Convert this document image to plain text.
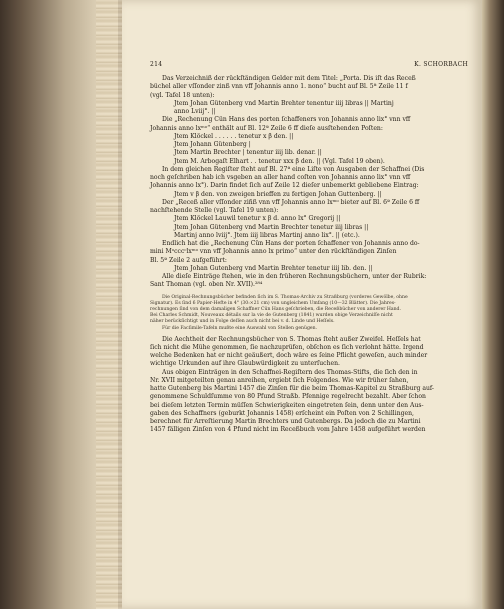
214	K. SCHORBACH

Das Verzeichniß der rückſtändigen Gelder mit dem Titel: „Porta. Dis iſt das Receß

büchel aller vſſonder zinß vnn vff Johannis anno 1. nono“ bucht auf Bl. 5ª Zeile 11 f

(vgl. Tafel 18 unten):

Jtem Johan Gütenberg vnd Martin Brehter tenentur iiij libras || Martinj

anno Lviij°. ||

Die „Rechenung Cün Hans des porten ſchaffeners von Johannis anno lix° vnn vff

Johannis anno lxᵐᵒ“ enthält auf Bl. 12ª Zeile 6 ff dieſe ausſtehenden Poſten:

Jtem Klöckel . . . . . . tenetur x β den. ||

Jtem Johann Gütenberg |

Jtem Martin Brechter | tenentur iiij lib. denar. ||

Jtem M. Arbogaſt Elhart . . tenetur xxx β den. || (Vgl. Tafel 19 oben).

In dem gleichen Regiſter ſteht auf Bl. 27ª eine Liſte von Ausgaben der Schaffnei (Dis

noch geſchriben hab ich vsgeben an aller hand coſten von Johannis anno lix° vnn vff

Johannis anno lx°). Darin findet ſich auf Zeile 12 dieſer unbemerkt gebliebene Eintrag:

Jtem v β den. von zweigen brieffen zu fertigen Johan Guttenberg. ||

Der „Receß aller vſſonder ziñß vnn vff Johannis anno lxᵐᵒ bieter auf Bl. 6ª Zeile 6 ff

nachſtehende Stelle (vgl. Tafel 19 unten):

Jtem Klöckel Lauwil tenetur x β d. anno lx° Gregorij ||

Jtem Johan Gütenberg vnd Martin Brechter tenetur iiij libras ||

Martinj anno lviij°. Jtem iiij libras Martinj anno lix°. || (etc.).

Endlich hat die „Rechenung Cün Hans der porten ſchaffener von Johannis anno do-

mini Mᵒcccᶜlxᵐᵒ vnn vff Johannis anno lx primo“ unter den rückſtändigen Zinſen

Bl. 5ª Zeile 2 aufgeführt:

Jtem Johan Gutenberg vnd Martin Brehter tenetur iiij lib. den. ||

Alle dieſe Einträge ſtehen, wie in den früheren Rechnungsbüchern, unter der Rubrik:

Sant Thoman (vgl. oben Nr. XVII).²⁸⁴

Die Original-Rechnungsbücher befinden ſich im S. Thomas-Archiv zu Straßburg (vorderes Gewölbe, ohne

Signatur). Es ſind 6 Papier-Hefte in 4° (30:×21 cm) von ungleichem Umfang (10—32 Blätter). Die Jahres-

rechnungen ſind von dem damaligen Schaffner Cün Hans geſchrieben, die Receßbücher von anderer Hand.

Bei Charles Schmidt, Nouveaux détails sur la vie de Gutenberg (1841) wurden obige Verzeichniſſe nicht

näher berückſichtigt und in Folge deſſen auch nicht bei v. d. Linde und Heſſels.

Für die Facſimile-Tafeln mußte eine Auswahl von Stellen genügen.

Die Aechtheit der Rechnungsbücher von S. Thomas ſteht außer Zweifel. Heſſels hat

ſich nicht die Mühe genommen, ſie nachzuprüfen, obſchon es ſich verlohnt hätte. Irgend

welche Bedenken hat er nicht geäußert, doch wäre es ſeine Pflicht geweſen, auch minder

wichtige Urkunden auf ihre Glaubwürdigkeit zu unterſuchen.

Aus obigen Einträgen in den Schaffnei-Regiſtern des Thomas-Stifts, die ſich den in

Nr. XVII mitgeteilten genau anreihen, ergiebt ſich Folgendes. Wie wir früher ſahen,

hatte Gutenberg bis Martini 1457 die Zinſen für die beim Thomas-Kapitel zu Straßburg auf-

genommene Schuldſumme von 80 Pfund Straßb. Pfennige regelrecht bezahlt. Aber ſchon

bei dieſem letzten Termin müſſen Schwierigkeiten eingetreten ſein, denn unter den Aus-

gaben des Schaffners (geburkt Johannis 1458) erſcheint ein Poſten von 2 Schillingen,

berechnet für Arreſtierung Martin Brechters und Gutenbergs. Da jedoch die zu Martini

1457 fälligen Zinſen von 4 Pfund nicht im Receßbuch vom Jahre 1458 aufgeführt werden
